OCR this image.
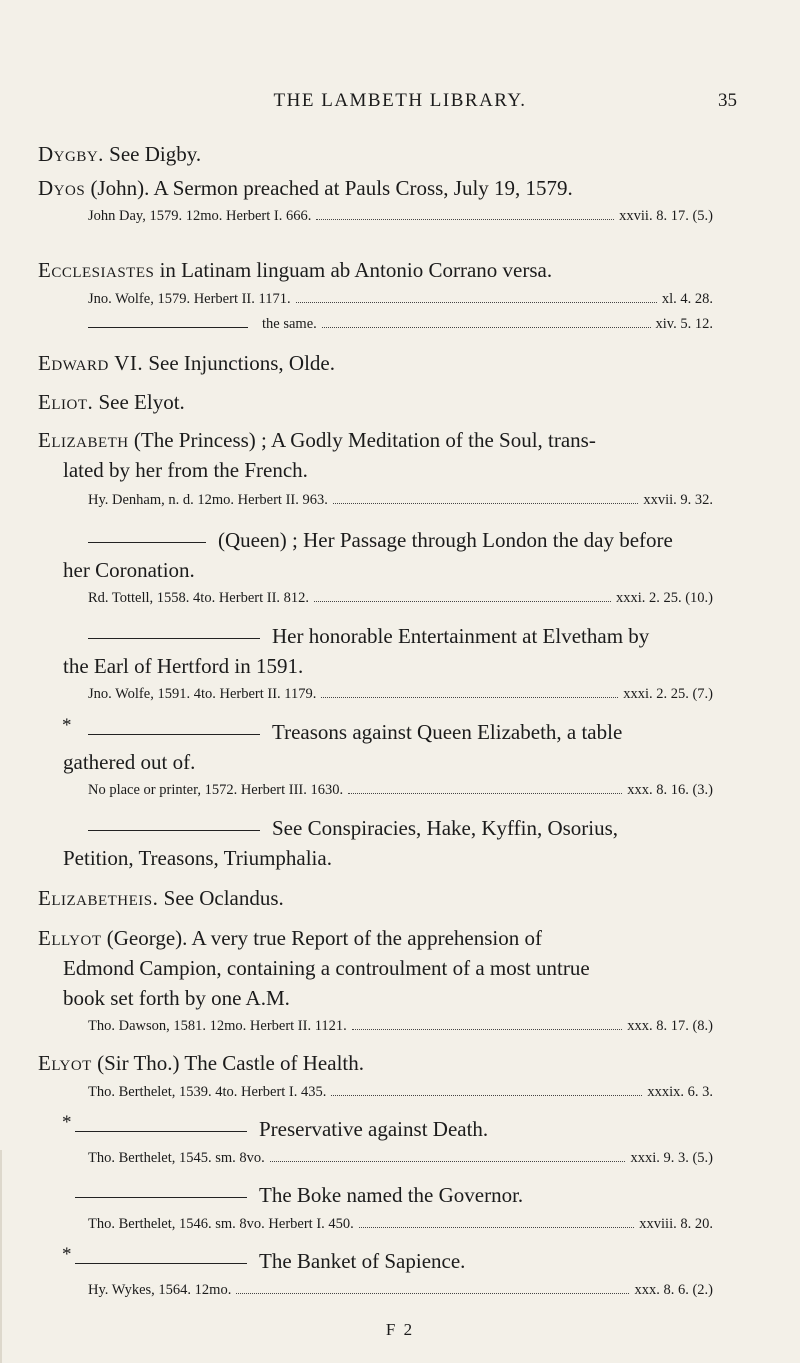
THE LAMBETH LIBRARY.	35
Dygby. See Digby.
Dyos (John). A Sermon preached at Pauls Cross, July 19, 1579.
John Day, 1579. 12mo. Herbert I. 666.	xxvii. 8. 17. (5.)
Ecclesiastes in Latinam linguam ab Antonio Corrano versa.
Jno. Wolfe, 1579. Herbert II. 1171.	xl. 4. 28.
the same.	xiv. 5. 12.
Edward VI. See Injunctions, Olde.
Eliot. See Elyot.
Elizabeth (The Princess) ; A Godly Meditation of the Soul, trans-
lated by her from the French.
Hy. Denham, n. d. 12mo. Herbert II. 963.	xxvii. 9. 32.
(Queen) ; Her Passage through London the day before
her Coronation.
Rd. Tottell, 1558. 4to. Herbert II. 812.	xxxi. 2. 25. (10.)
Her honorable Entertainment at Elvetham by
the Earl of Hertford in 1591.
Jno. Wolfe, 1591. 4to. Herbert II. 1179.	xxxi. 2. 25. (7.)
*	Treasons against Queen Elizabeth, a table
gathered out of.
No place or printer, 1572. Herbert III. 1630.	xxx. 8. 16. (3.)
See Conspiracies, Hake, Kyffin, Osorius,
Petition, Treasons, Triumphalia.
Elizabetheis. See Oclandus.
Ellyot (George). A very true Report of the apprehension of
Edmond Campion, containing a controulment of a most untrue
book set forth by one A.M.
Tho. Dawson, 1581. 12mo. Herbert II. 1121.	xxx. 8. 17. (8.)
Elyot (Sir Tho.) The Castle of Health.
Tho. Berthelet, 1539. 4to. Herbert I. 435.	xxxix. 6. 3.
*	Preservative against Death.
Tho. Berthelet, 1545. sm. 8vo.	xxxi. 9. 3. (5.)
The Boke named the Governor.
Tho. Berthelet, 1546. sm. 8vo. Herbert I. 450.	xxviii. 8. 20.
*	The Banket of Sapience.
Hy. Wykes, 1564. 12mo.	xxx. 8. 6. (2.)
F 2
